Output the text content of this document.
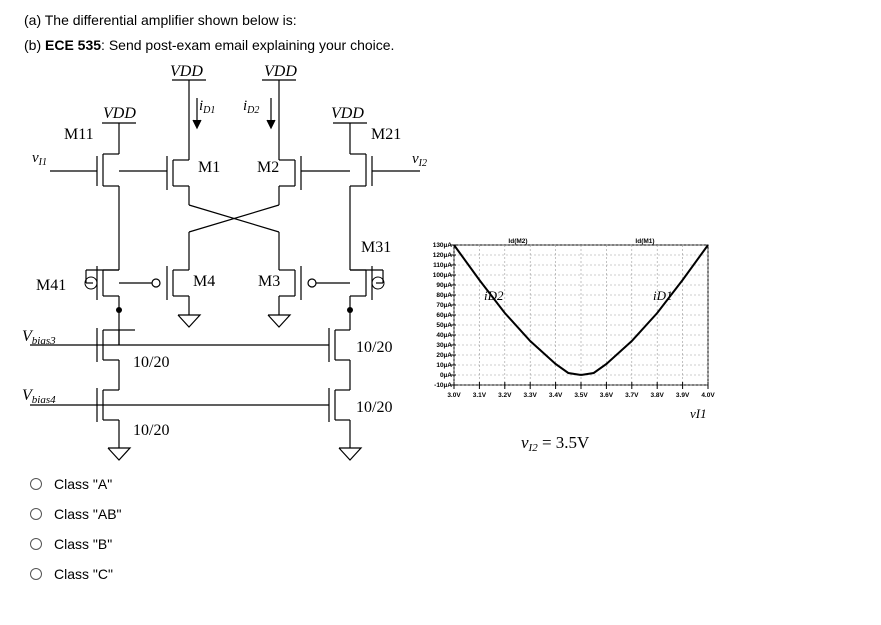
(a) The differential amplifier shown below is:
(b) ECE 535: Send post-exam email explaining your choice.
VDD	VDD
VDD	VDD
M11
M1 M2
M21
M41	M4	M3
M31
10/20
10/20
10/20
10/20
$v_{I1}$	$v_{I2}$
$i_{D1}$ $i_{D2}$
Vbias3
Vbias4
130µA
120µA
110µA
100µA
90µA
80µA
70µA
60µA
50µA
40µA
30µA
20µA
10µA
0µA
-10µA
3.0V 3.1V 3.2V 3.3V 3.4V 3.5V 3.6V 3.7V 3.8V 3.9V 4.0V
Id(M2)	Id(M1)
iD2	iD1
vI1
vI2 = 3.5V
Class "A"
Class "AB"
Class "B"
Class "C"
